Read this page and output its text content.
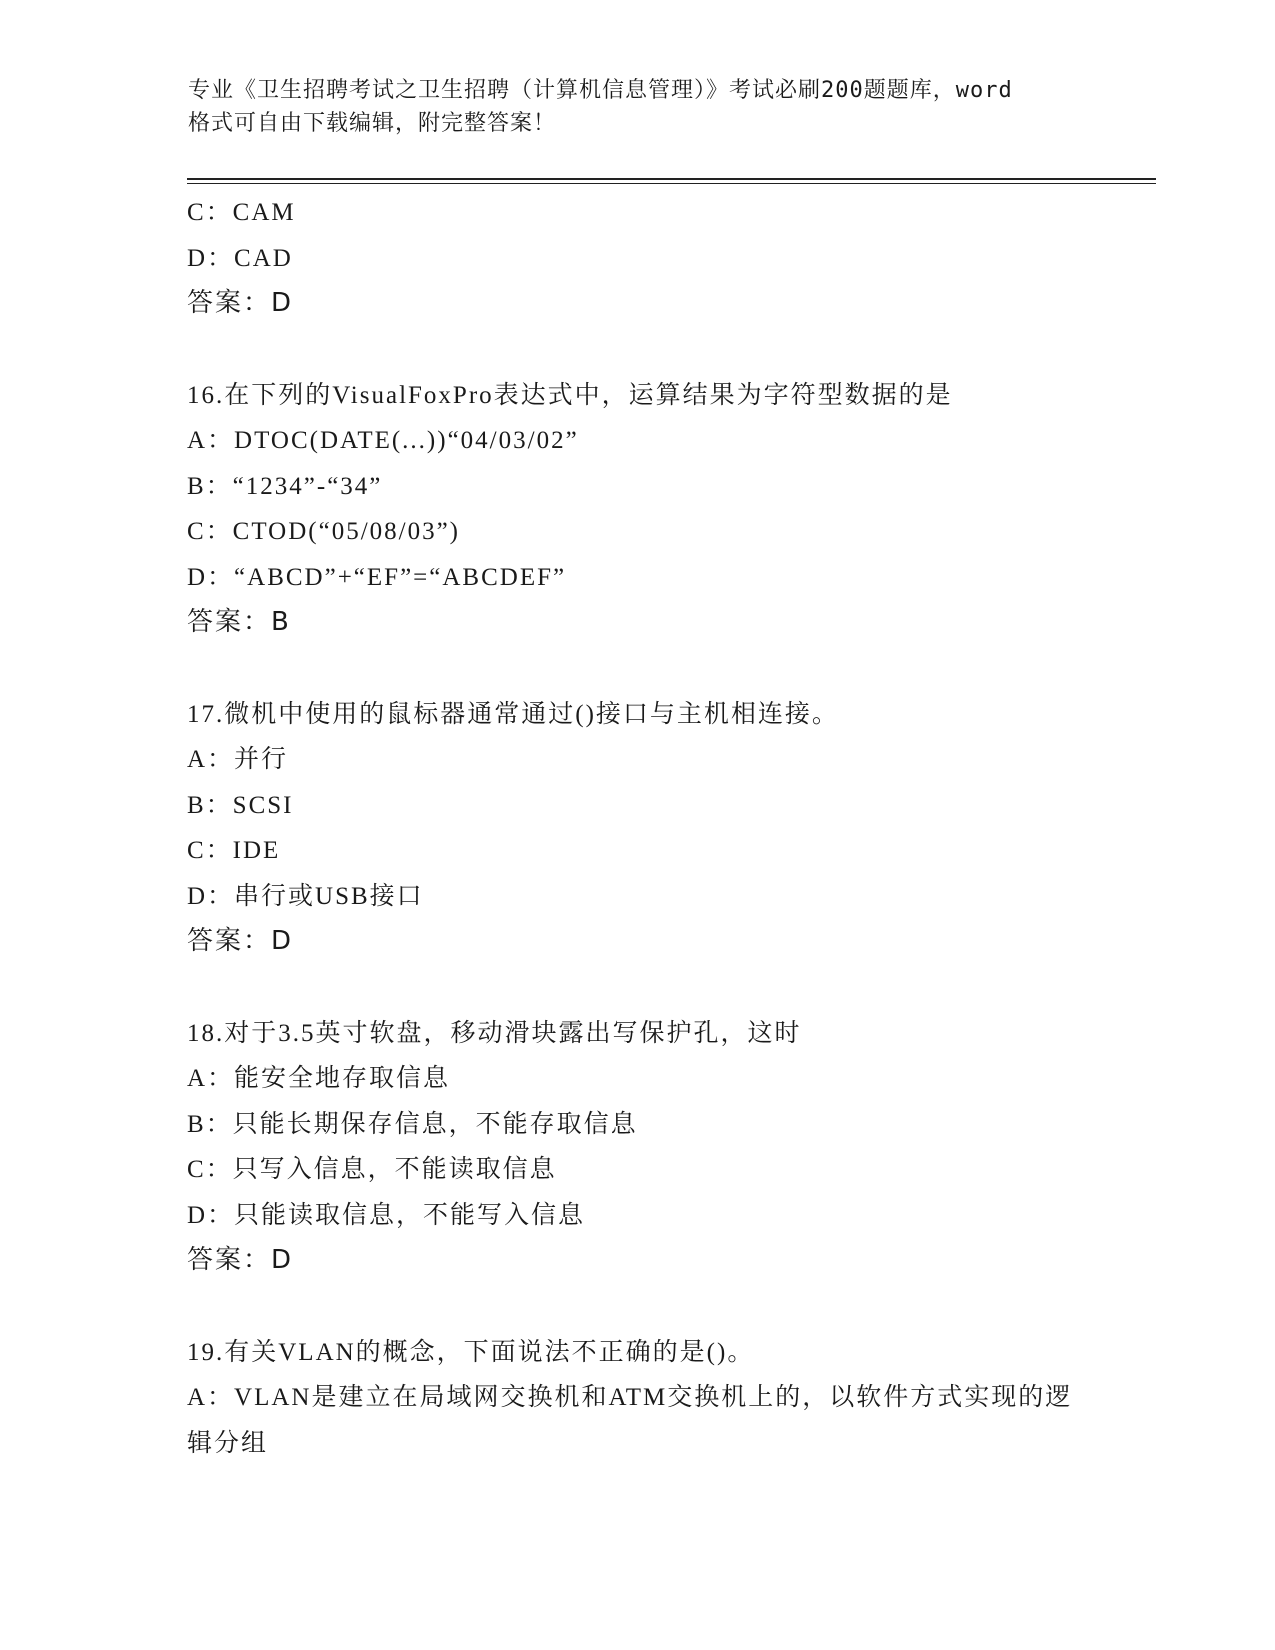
专业《卫生招聘考试之卫生招聘（计算机信息管理）》考试必刷200题题库，word
格式可自由下载编辑，附完整答案！
C：CAM
D：CAD
答案：D
16.在下列的VisualFoxPro表达式中，运算结果为字符型数据的是
A：DTOC(DATE(...))“04/03/02”
B：“1234”-“34”
C：CTOD(“05/08/03”)
D：“ABCD”+“EF”=“ABCDEF”
答案：B
17.微机中使用的鼠标器通常通过()接口与主机相连接。
A：并行
B：SCSI
C：IDE
D：串行或USB接口
答案：D
18.对于3.5英寸软盘，移动滑块露出写保护孔，这时
A：能安全地存取信息
B：只能长期保存信息，不能存取信息
C：只写入信息，不能读取信息
D：只能读取信息，不能写入信息
答案：D
19.有关VLAN的概念，下面说法不正确的是()。
A：VLAN是建立在局域网交换机和ATM交换机上的，以软件方式实现的逻辑分组
